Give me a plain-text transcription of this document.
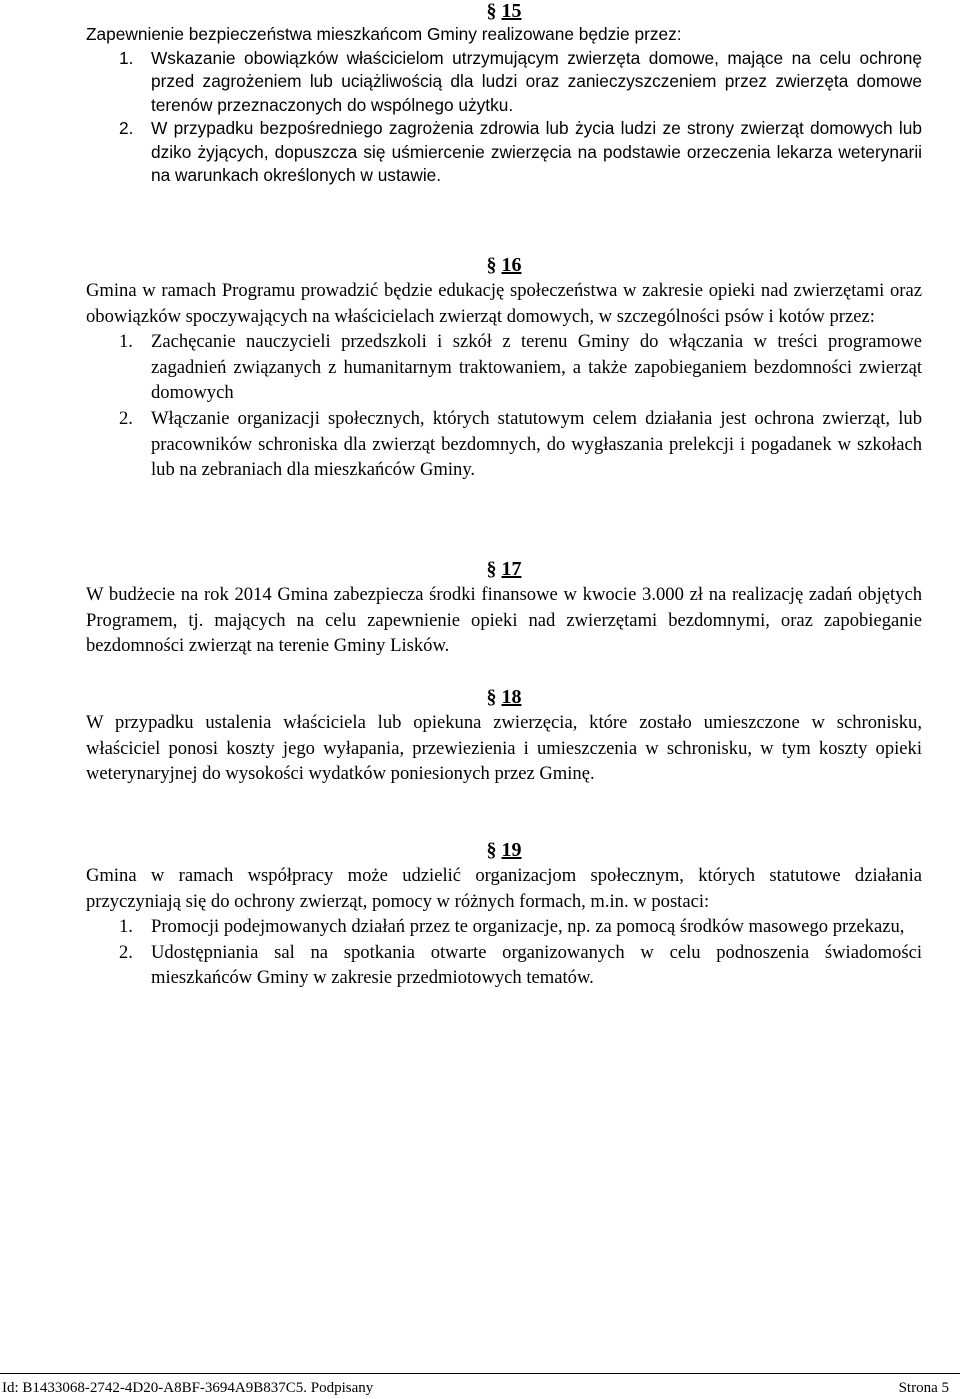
§ 15

Zapewnienie bezpieczeństwa mieszkańcom Gminy realizowane będzie przez:

1. Wskazanie obowiązków właścicielom utrzymującym zwierzęta domowe, mające na celu ochronę przed zagrożeniem lub uciążliwością dla ludzi oraz zanieczyszczeniem przez zwierzęta domowe terenów przeznaczonych do wspólnego użytku.
2. W przypadku bezpośredniego zagrożenia zdrowia lub życia ludzi ze strony zwierząt domowych lub dziko żyjących, dopuszcza się uśmiercenie zwierzęcia na podstawie orzeczenia lekarza weterynarii na warunkach określonych w ustawie.
§ 16

Gmina w ramach Programu prowadzić będzie edukację społeczeństwa w zakresie opieki nad zwierzętami oraz obowiązków spoczywających na właścicielach zwierząt domowych, w szczególności psów i kotów przez:

1. Zachęcanie nauczycieli przedszkoli i szkół z terenu Gminy do włączania w treści programowe zagadnień związanych z humanitarnym traktowaniem, a także zapobieganiem bezdomności zwierząt domowych
2. Włączanie organizacji społecznych, których statutowym celem działania jest ochrona zwierząt, lub pracowników schroniska dla zwierząt bezdomnych, do wygłaszania prelekcji i pogadanek w szkołach lub na zebraniach dla mieszkańców Gminy.
§ 17

W budżecie na rok 2014 Gmina zabezpiecza środki finansowe w kwocie 3.000 zł na realizację zadań objętych Programem, tj. mających na celu zapewnienie opieki nad zwierzętami bezdomnymi, oraz zapobieganie bezdomności zwierząt na terenie Gminy Lisków.

§ 18

W przypadku ustalenia właściciela lub opiekuna zwierzęcia, które zostało umieszczone w schronisku, właściciel ponosi koszty jego wyłapania, przewiezienia i umieszczenia w schronisku, w tym koszty opieki weterynaryjnej do wysokości wydatków poniesionych przez Gminę.

§ 19

Gmina w ramach współpracy może udzielić organizacjom społecznym, których statutowe działania przyczyniają się do ochrony zwierząt, pomocy w różnych formach, m.in. w postaci:

1. Promocji podejmowanych działań przez te organizacje, np. za pomocą środków masowego przekazu,
2. Udostępniania sal na spotkania otwarte organizowanych w celu podnoszenia świadomości mieszkańców Gminy w zakresie przedmiotowych tematów.
Id: B1433068-2742-4D20-A8BF-3694A9B837C5. Podpisany	Strona 5
